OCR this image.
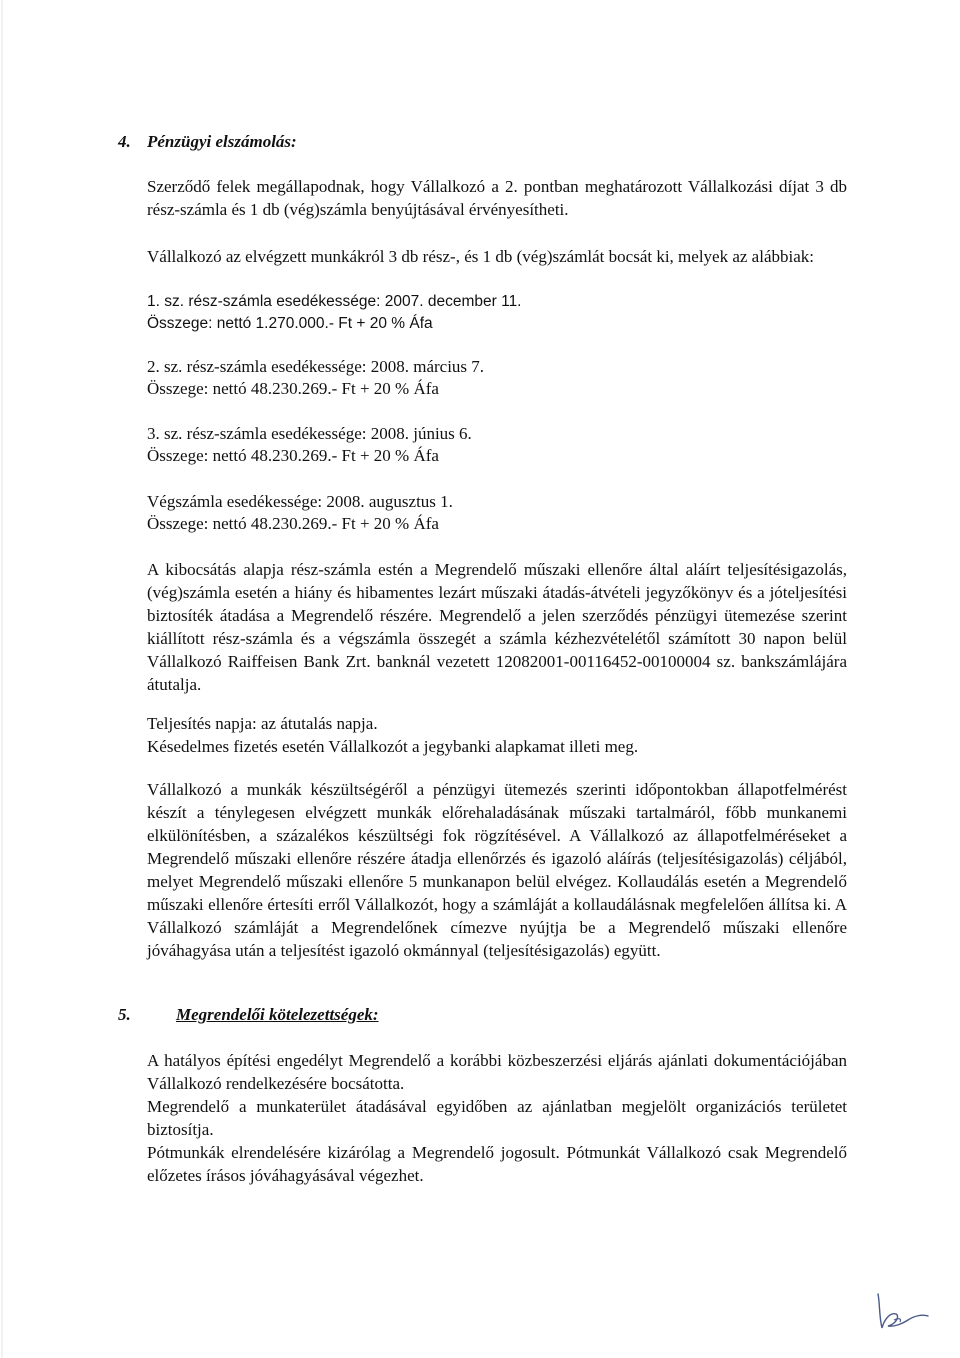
4. Pénzügyi elszámolás:

Szerződő felek megállapodnak, hogy Vállalkozó a 2. pontban meghatározott Vállalkozási díjat 3 db rész-számla és 1 db (vég)számla benyújtásával érvényesítheti.

Vállalkozó az elvégzett munkákról 3 db rész-, és 1 db (vég)számlát bocsát ki, melyek az alábbiak:

1. sz. rész-számla esedékessége: 2007. december 11.
Összege: nettó 1.270.000.- Ft + 20 % Áfa
2. sz. rész-számla esedékessége: 2008. március 7.
Összege: nettó 48.230.269.- Ft + 20 % Áfa
3. sz. rész-számla esedékessége: 2008. június 6.
Összege: nettó 48.230.269.- Ft + 20 % Áfa
Végszámla esedékessége: 2008. augusztus 1.
Összege: nettó 48.230.269.- Ft + 20 % Áfa

A kibocsátás alapja rész-számla estén a Megrendelő műszaki ellenőre által aláírt teljesítésigazolás, (vég)számla esetén a hiány és hibamentes lezárt műszaki átadás-átvételi jegyzőkönyv és a jóteljesítési biztosíték átadása a Megrendelő részére. Megrendelő a jelen szerződés pénzügyi ütemezése szerint kiállított rész-számla és a végszámla összegét a számla kézhezvételétől számított 30 napon belül Vállalkozó Raiffeisen Bank Zrt. banknál vezetett 12082001-00116452-00100004 sz. bankszámlájára átutalja.

Teljesítés napja: az átutalás napja.

Késedelmes fizetés esetén Vállalkozót a jegybanki alapkamat illeti meg.

Vállalkozó a munkák készültségéről a pénzügyi ütemezés szerinti időpontokban állapotfelmérést készít a ténylegesen elvégzett munkák előrehaladásának műszaki tartalmáról, főbb munkanemi elkülönítésben, a százalékos készültségi fok rögzítésével. A Vállalkozó az állapotfelméréseket a Megrendelő műszaki ellenőre részére átadja ellenőrzés és igazoló aláírás (teljesítésigazolás) céljából, melyet Megrendelő műszaki ellenőre 5 munkanapon belül elvégez. Kollaudálás esetén a Megrendelő műszaki ellenőre értesíti erről Vállalkozót, hogy a számláját a kollaudálásnak megfelelően állítsa ki. A Vállalkozó számláját a Megrendelőnek címezve nyújtja be a Megrendelő műszaki ellenőre jóváhagyása után a teljesítést igazoló okmánnyal (teljesítésigazolás) együtt.

5.	Megrendelői kötelezettségek:

A hatályos építési engedélyt Megrendelő a korábbi közbeszerzési eljárás ajánlati dokumentációjában Vállalkozó rendelkezésére bocsátotta.

Megrendelő a munkaterület átadásával egyidőben az ajánlatban megjelölt organizációs területet biztosítja.

Pótmunkák elrendelésére kizárólag a Megrendelő jogosult. Pótmunkát Vállalkozó csak Megrendelő előzetes írásos jóváhagyásával végezhet.
